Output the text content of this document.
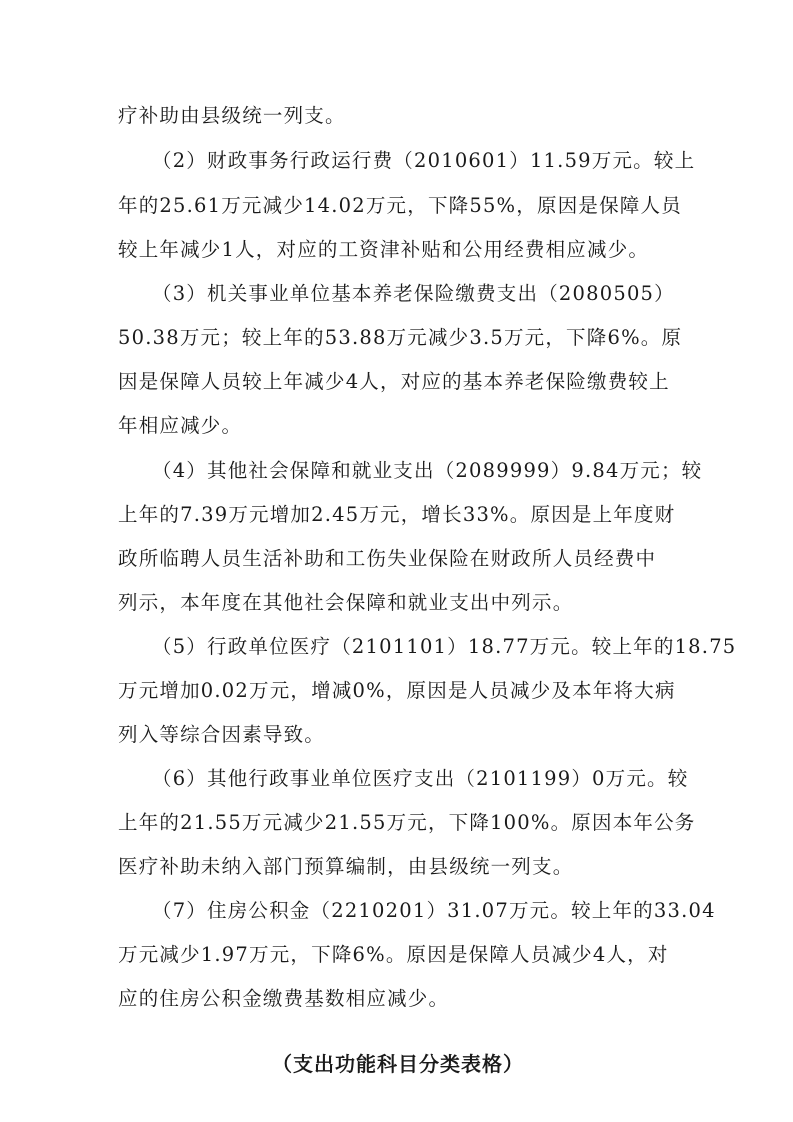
疗补助由县级统一列支。
（2）财政事务行政运行费（2010601）11.59万元。较上
年的25.61万元减少14.02万元，下降55%，原因是保障人员
较上年减少1人，对应的工资津补贴和公用经费相应减少。
（3）机关事业单位基本养老保险缴费支出（2080505）
50.38万元；较上年的53.88万元减少3.5万元，下降6%。原
因是保障人员较上年减少4人，对应的基本养老保险缴费较上
年相应减少。
（4）其他社会保障和就业支出（2089999）9.84万元；较
上年的7.39万元增加2.45万元，增长33%。原因是上年度财
政所临聘人员生活补助和工伤失业保险在财政所人员经费中
列示，本年度在其他社会保障和就业支出中列示。
（5）行政单位医疗（2101101）18.77万元。较上年的18.75
万元增加0.02万元，增减0%，原因是人员减少及本年将大病
列入等综合因素导致。
（6）其他行政事业单位医疗支出（2101199）0万元。较
上年的21.55万元减少21.55万元，下降100%。原因本年公务
医疗补助未纳入部门预算编制，由县级统一列支。
（7）住房公积金（2210201）31.07万元。较上年的33.04
万元减少1.97万元，下降6%。原因是保障人员减少4人，对
应的住房公积金缴费基数相应减少。
（支出功能科目分类表格）
